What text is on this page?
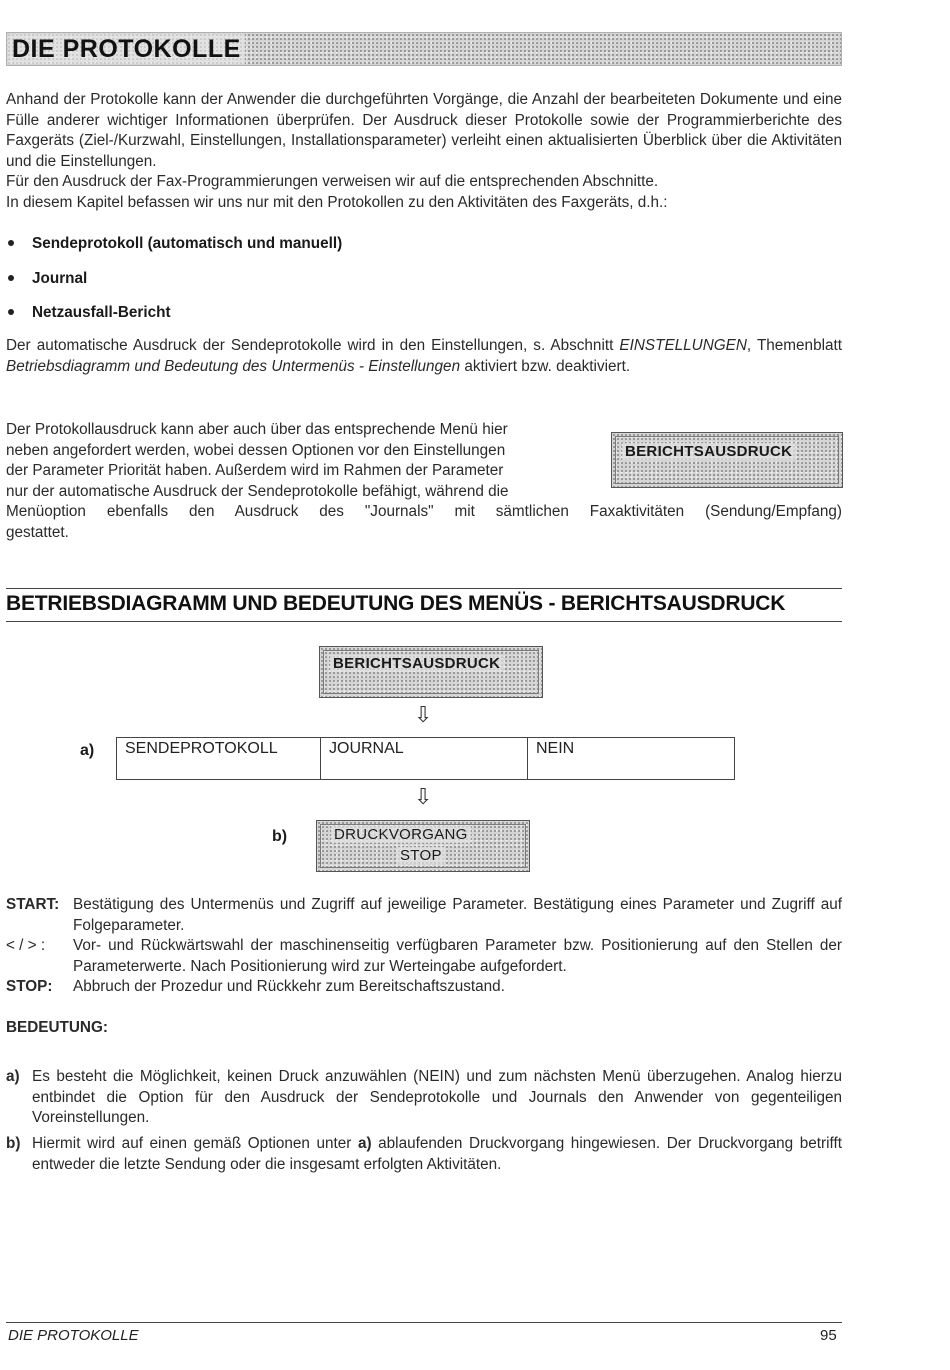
DIE PROTOKOLLE
Anhand der Protokolle kann der Anwender die durchgeführten Vorgänge, die Anzahl der bearbeiteten Dokumente und eine Fülle anderer wichtiger Informationen überprüfen. Der Ausdruck dieser Protokolle sowie der Programmierberichte des Faxgeräts (Ziel-/Kurzwahl, Einstellungen, Installationsparameter) verleiht einen aktualisierten Überblick über die Aktivitäten und die Einstellungen.
Für den Ausdruck der Fax-Programmierungen verweisen wir auf die entsprechenden Abschnitte.
In diesem Kapitel befassen wir uns nur mit den Protokollen zu den Aktivitäten des Faxgeräts, d.h.:
Sendeprotokoll (automatisch und manuell)
Journal
Netzausfall-Bericht
Der automatische Ausdruck der Sendeprotokolle wird in den Einstellungen, s. Abschnitt EINSTELLUNGEN, Themenblatt Betriebsdiagramm und Bedeutung des Untermenüs - Einstellungen aktiviert bzw. deaktiviert.
Der Protokollausdruck kann aber auch über das entsprechende Menü hier
neben angefordert werden, wobei dessen Optionen vor den Einstellungen
der Parameter Priorität haben. Außerdem wird im Rahmen der Parameter
nur der automatische Ausdruck der Sendeprotokolle befähigt, während die
Menüoption ebenfalls den Ausdruck des "Journals" mit sämtlichen Faxaktivitäten (Sendung/Empfang)
gestattet.
BERICHTSAUSDRUCK
BETRIEBSDIAGRAMM UND BEDEUTUNG DES MENÜS - BERICHTSAUSDRUCK
BERICHTSAUSDRUCK
⇩
a)	SENDEPROTOKOLL	JOURNAL	NEIN
⇩
b)	DRUCKVORGANG
STOP
START: Bestätigung des Untermenüs und Zugriff auf jeweilige Parameter. Bestätigung eines Parameter und Zugriff auf Folgeparameter.
< / > : Vor- und Rückwärtswahl der maschinenseitig verfügbaren Parameter bzw. Positionierung auf den Stellen der Parameterwerte. Nach Positionierung wird zur Werteingabe aufgefordert.
STOP: Abbruch der Prozedur und Rückkehr zum Bereitschaftszustand.
BEDEUTUNG:
a) Es besteht die Möglichkeit, keinen Druck anzuwählen (NEIN) und zum nächsten Menü überzugehen. Analog hierzu entbindet die Option für den Ausdruck der Sendeprotokolle und Journals den Anwender von gegenteiligen Voreinstellungen.
b) Hiermit wird auf einen gemäß Optionen unter a) ablaufenden Druckvorgang hingewiesen. Der Druckvorgang betrifft entweder die letzte Sendung oder die insgesamt erfolgten Aktivitäten.
DIE PROTOKOLLE	95
